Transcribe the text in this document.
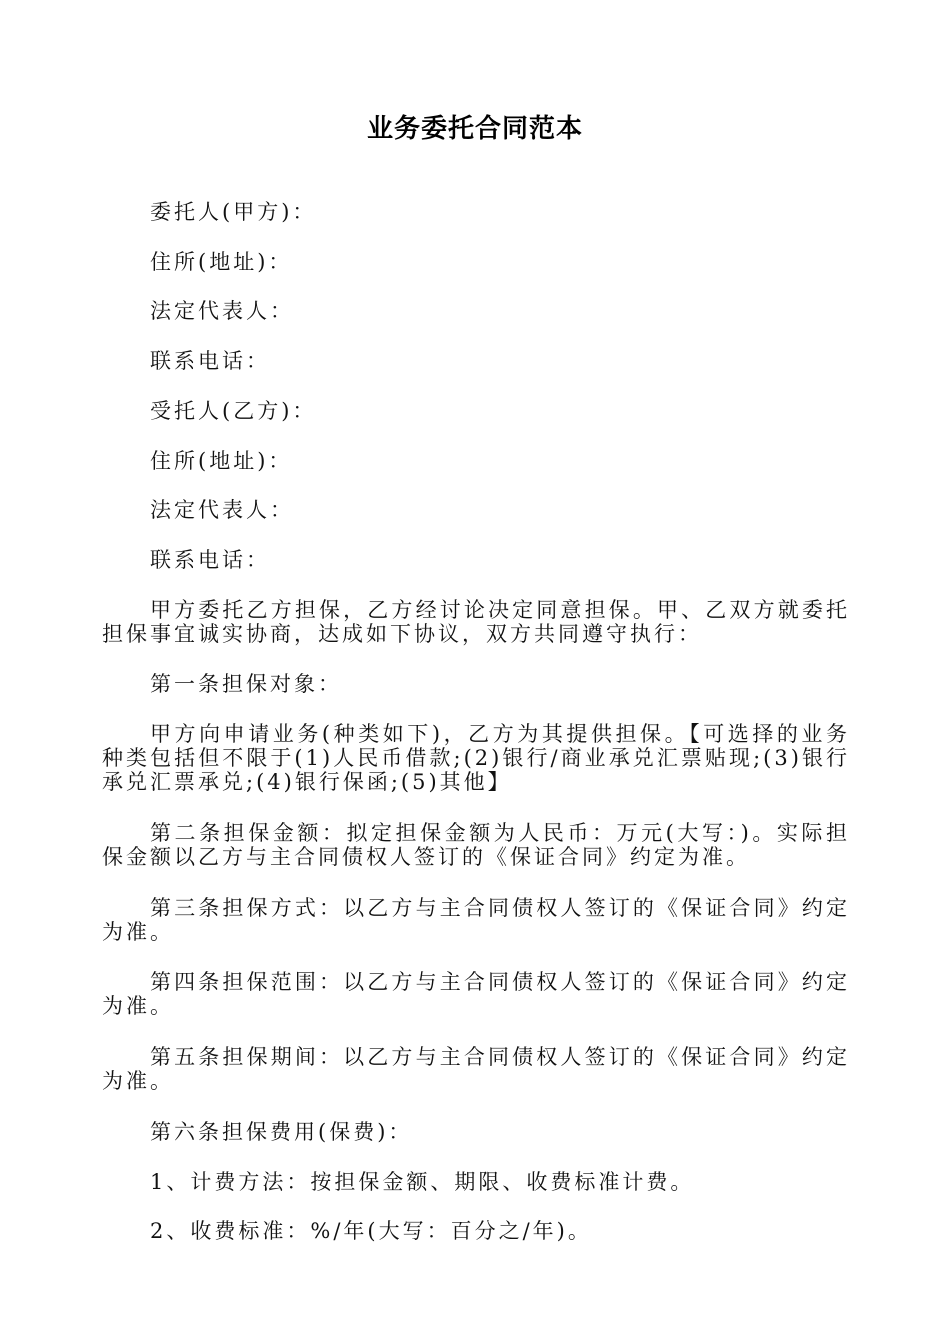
业务委托合同范本
委托人(甲方)：
住所(地址)：
法定代表人：
联系电话：
受托人(乙方)：
住所(地址)：
法定代表人：
联系电话：
甲方委托乙方担保，乙方经讨论决定同意担保。甲、乙双方就委托担保事宜诚实协商，达成如下协议，双方共同遵守执行：
第一条担保对象：
甲方向申请业务(种类如下)，乙方为其提供担保。【可选择的业务种类包括但不限于(1)人民币借款;(2)银行/商业承兑汇票贴现;(3)银行承兑汇票承兑;(4)银行保函;(5)其他】
第二条担保金额：拟定担保金额为人民币：万元(大写：)。实际担保金额以乙方与主合同债权人签订的《保证合同》约定为准。
第三条担保方式：以乙方与主合同债权人签订的《保证合同》约定为准。
第四条担保范围：以乙方与主合同债权人签订的《保证合同》约定为准。
第五条担保期间：以乙方与主合同债权人签订的《保证合同》约定为准。
第六条担保费用(保费)：
1、计费方法：按担保金额、期限、收费标准计费。
2、收费标准：%/年(大写：百分之/年)。
